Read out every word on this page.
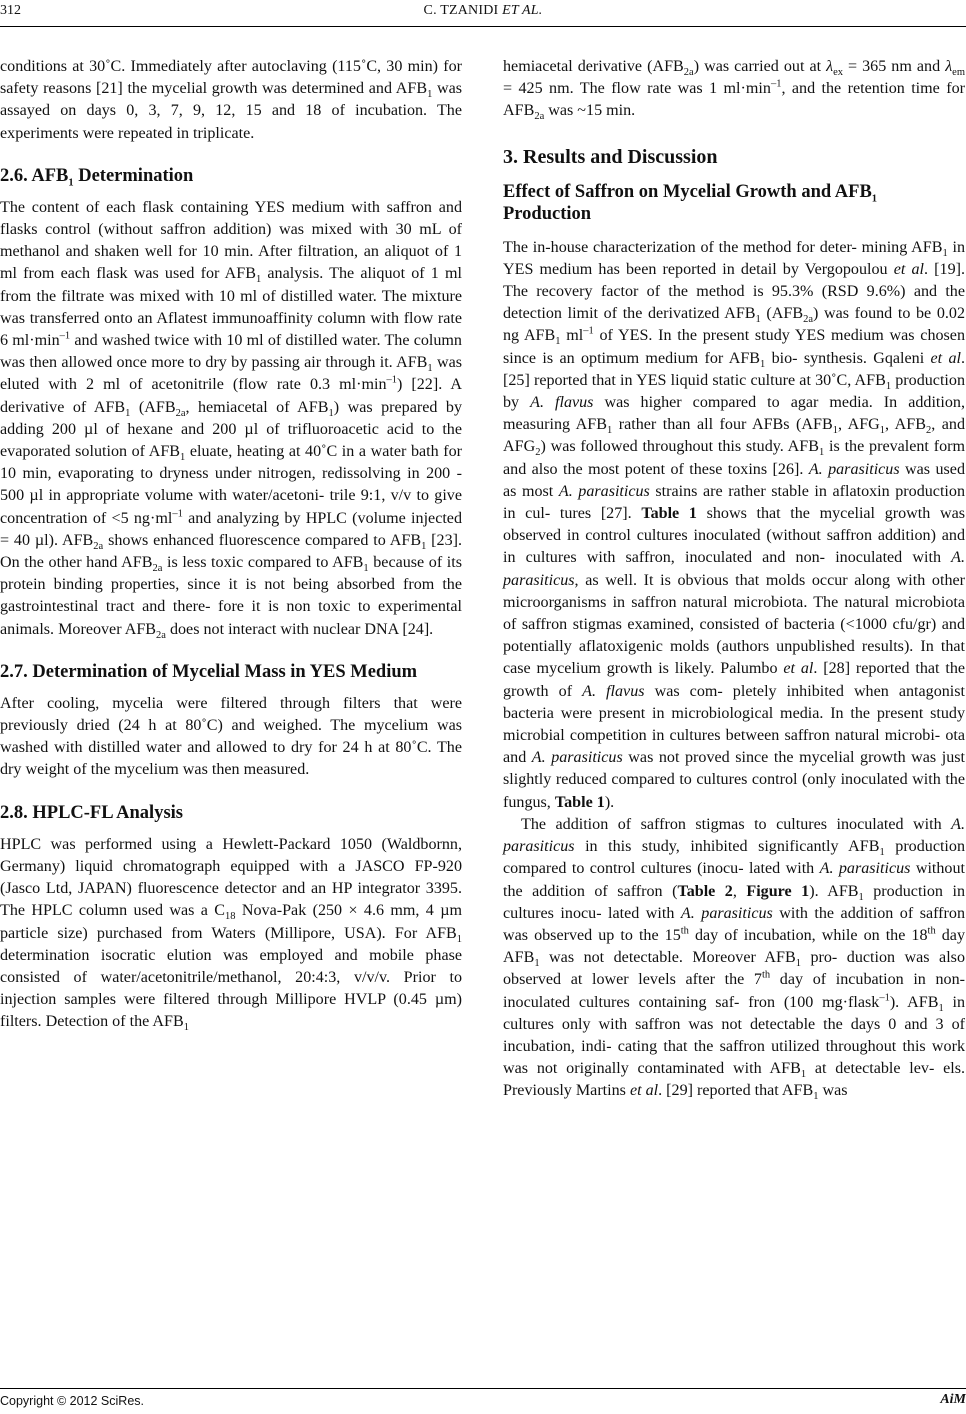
312	C. TZANIDI ET AL.

conditions at 30˚C. Immediately after autoclaving (115˚C, 30 min) for safety reasons [21] the mycelial growth was determined and $AFB_1$ was assayed on days 0, 3, 7, 9, 12, 15 and 18 of incubation. The experiments were repeated in triplicate.

2.6. $AFB_1$ Determination

The content of each flask containing YES medium with saffron and flasks control (without saffron addition) was mixed with 30 mL of methanol and shaken well for 10 min. After filtration, an aliquot of 1 ml from each flask was used for $AFB_1$ analysis. The aliquot of 1 ml from the filtrate was mixed with 10 ml of distilled water. The mixture was transferred onto an Aflatest immunoaffinity column with flow rate 6 $ml\cdot\min^{-1}$ and washed twice with 10 ml of distilled water. The column was then allowed once more to dry by passing air through it. $AFB_1$ was eluted with 2 ml of acetonitrile (flow rate 0.3 $ml\cdot\min^{-1}$) [22]. A derivative of $AFB_1$ ($AFB_{2a}$, hemiacetal of $AFB_1$) was prepared by adding 200 µl of hexane and 200 µl of trifluoroacetic acid to the evaporated solution of $AFB_1$ eluate, heating at 40˚C in a water bath for 10 min, evaporating to dryness under nitrogen, redissolving in 200 - 500 µl in appropriate volume with water/acetoni- trile 9:1, v/v to give concentration of <5 $ng\cdot ml^{-1}$ and analyzing by HPLC (volume injected = 40 µl). $AFB_{2a}$ shows enhanced fluorescence compared to $AFB_1$ [23]. On the other hand $AFB_{2a}$ is less toxic compared to $AFB_1$ because of its protein binding properties, since it is not being absorbed from the gastrointestinal tract and there- fore it is non toxic to experimental animals. Moreover $AFB_{2a}$ does not interact with nuclear DNA [24].

2.7. Determination of Mycelial Mass in YES Medium

After cooling, mycelia were filtered through filters that were previously dried (24 h at 80˚C) and weighed. The mycelium was washed with distilled water and allowed to dry for 24 h at 80˚C. The dry weight of the mycelium was then measured.

2.8. HPLC-FL Analysis

HPLC was performed using a Hewlett-Packard 1050 (Waldbornn, Germany) liquid chromatograph equipped with a JASCO FP-920 (Jasco Ltd, JAPAN) fluorescence detector and an HP integrator 3395. The HPLC column used was a $C_{18}$ Nova-Pak (250 × 4.6 mm, 4 µm particle size) purchased from Waters (Millipore, USA). For $AFB_1$ determination isocratic elution was employed and mobile phase consisted of water/acetonitrile/methanol, 20:4:3, v/v/v. Prior to injection samples were filtered through Millipore HVLP (0.45 µm) filters. Detection of the $AFB_1$

hemiacetal derivative $(AFB_{2a})$ was carried out at $\lambda_{ex} = 365$ nm and $\lambda_{em} = 425$ nm. The flow rate was 1 $ml\cdot\min^{-1}$, and the retention time for $AFB_{2a}$ was ~15 min.

3. Results and Discussion
Effect of Saffron on Mycelial Growth and $AFB_1$ Production

The in-house characterization of the method for deter- mining $AFB_1$ in YES medium has been reported in detail by Vergopoulou et al. [19]. The recovery factor of the method is 95.3% (RSD 9.6%) and the detection limit of the derivatized $AFB_1$ $(AFB_{2a})$ was found to be 0.02 ng $AFB_1$ $ml^{-1}$ of YES. In the present study YES medium was chosen since is an optimum medium for $AFB_1$ bio- synthesis. Gqaleni et al. [25] reported that in YES liquid static culture at 30˚C, $AFB_1$ production by A. flavus was higher compared to agar media. In addition, measuring $AFB_1$ rather than all four AFBs ($AFB_1$, $AFG_1$, $AFB_2$, and $AFG_2$) was followed throughout this study. $AFB_1$ is the prevalent form and also the most potent of these toxins [26]. A. parasiticus was used as most A. parasiticus strains are rather stable in aflatoxin production in cul- tures [27]. Table 1 shows that the mycelial growth was observed in control cultures inoculated (without saffron addition) and in cultures with saffron, inoculated and non- inoculated with A. parasiticus, as well. It is obvious that molds occur along with other microorganisms in saffron natural microbiota. The natural microbiota of saffron stigmas examined, consisted of bacteria (<1000 cfu/gr) and potentially aflatoxigenic molds (authors unpublished results). In that case mycelium growth is likely. Palumbo et al. [28] reported that the growth of A. flavus was com- pletely inhibited when antagonist bacteria were present in microbiological media. In the present study microbial competition in cultures between saffron natural microbi- ota and A. parasiticus was not proved since the mycelial growth was just slightly reduced compared to cultures control (only inoculated with the fungus, Table 1).

The addition of saffron stigmas to cultures inoculated with A. parasiticus in this study, inhibited significantly $AFB_1$ production compared to control cultures (inocu- lated with A. parasiticus without the addition of saffron (Table 2, Figure 1). $AFB_1$ production in cultures inocu- lated with A. parasiticus with the addition of saffron was observed up to the 15th day of incubation, while on the 18th day $AFB_1$ was not detectable. Moreover $AFB_1$ pro- duction was also observed at lower levels after the 7th day of incubation in non- inoculated cultures containing saf- fron (100 mg·flask$^{-1}$). $AFB_1$ in cultures only with saffron was not detectable the days 0 and 3 of incubation, indi- cating that the saffron utilized throughout this work was not originally contaminated with $AFB_1$ at detectable lev- els. Previously Martins et al. [29] reported that $AFB_1$ was

Copyright © 2012 SciRes.	AiM
